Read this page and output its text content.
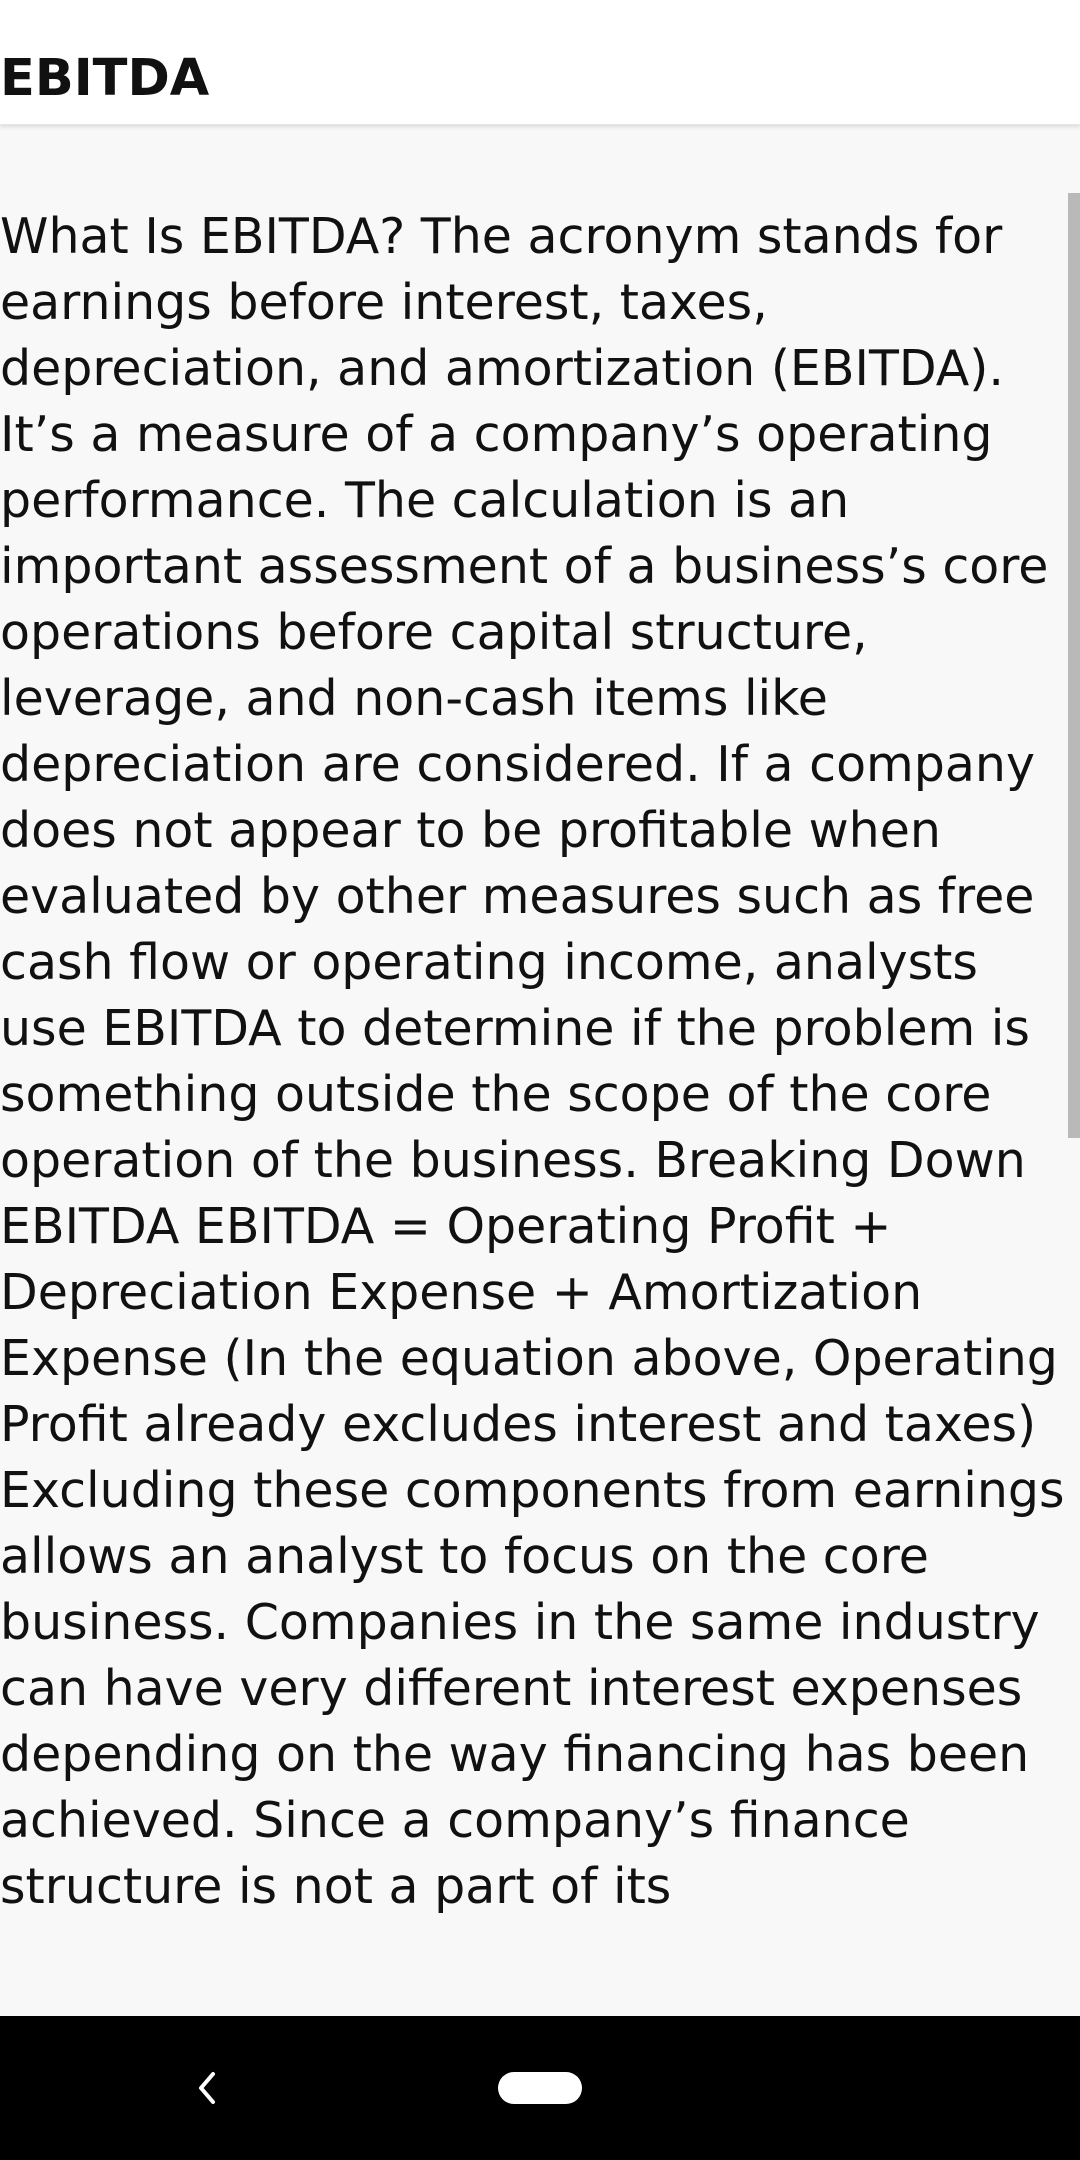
EBITDA

What Is EBITDA? The acronym stands for earnings before interest, taxes, depreciation, and amortization (EBITDA). It’s a measure of a company’s operating performance. The calculation is an important assessment of a business’s core operations before capital structure, leverage, and non-cash items like depreciation are considered. If a company does not appear to be profitable when evaluated by other measures such as free cash flow or operating income, analysts use EBITDA to determine if the problem is something outside the scope of the core operation of the business. Breaking Down EBITDA EBITDA = Operating Profit + Depreciation Expense + Amortization Expense (In the equation above, Operating Profit already excludes interest and taxes) Excluding these components from earnings allows an analyst to focus on the core business. Companies in the same industry can have very different interest expenses depending on the way financing has been achieved. Since a company’s finance structure is not a part of its
